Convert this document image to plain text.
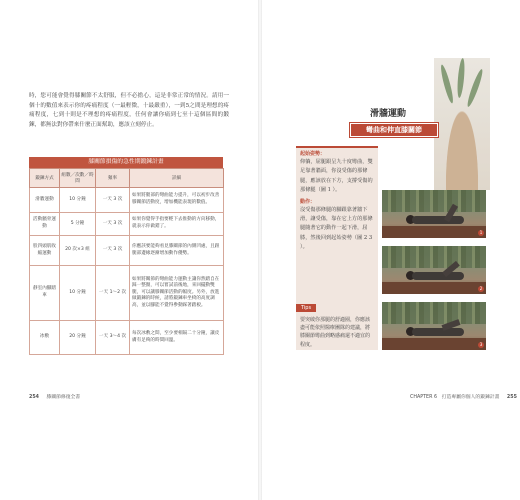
時，您可能會覺得膝關節不太舒服，但不必擔心，這是非常正常的情況。請用一個十的數值來表示你的疼痛程度（一最輕微，十最嚴重），一到5之間是理想的疼痛程度，七到十則是不理想的疼痛程度，任何會讓你痛到七至十這個區間的鍛鍊，都無法對你帶來什麼正面幫助，應該立刻停止。

膝關節損傷的急性期鍛鍊計畫
鍛鍊方式	組數／次數／時間	頻率	詳細
滑牆運動	10 分鐘	一天 3 次	如果將腿部的彎曲能力提升，可以初步改善膝關節活動度，增加機能表現的數值。
活動髕骨運動	5 分鐘	一天 3 次	如果你覺得手指要輕下去推動的方向移動，就表示你做錯了。
股四頭肌收縮運動	20 次×3 組	一天 3 次	你應該要能夠看見膝關節的內側凹處，且跟腿部邊緣逐漸增加動作優勢。
靜室內腳踏車	10 分鐘	一天 1〜2 次	如果將關節的彎曲能力運動主讓你然踏自在踩一整圈，可以嘗試前後地，來回擺動雙腿，可以讓膝關節活動的幅度。另外，放進做鍛鍊的時候，請將鍛鍊車坐椅的高度調高，並以腳能不覺得參動踩著踏板。
冰敷	20 分鐘	一天 3〜4 次	每次冰敷之間，至少要相隔二十分鐘，讓皮膚有足夠的時間回溫。
254 膝關節修復全書
滑牆運動
彎曲和伸直膝關節
起始姿勢：

仰躺，屈腿跟呈九十度彎曲，雙足靠著牆面，你沒受傷的那條腿，應該放在下方，支撐受傷的那條腿（圖 1 ）。

動作：

沒受傷那條腿的腳跟靠著牆下滑，讓受傷，靠在它上方的那條腿隨著它的動作一起下滑，屈膝，然後回到起始姿勢（圖 2 3 ）。

Tips

要突破你那腿的舒適圈，你應該盡可能依照醫療團隊的建議，將膝關節彎曲到略感痛還不適宜的程度。

1
2
3
CHAPTER 6　打造專屬你個人的鍛鍊計畫 255
